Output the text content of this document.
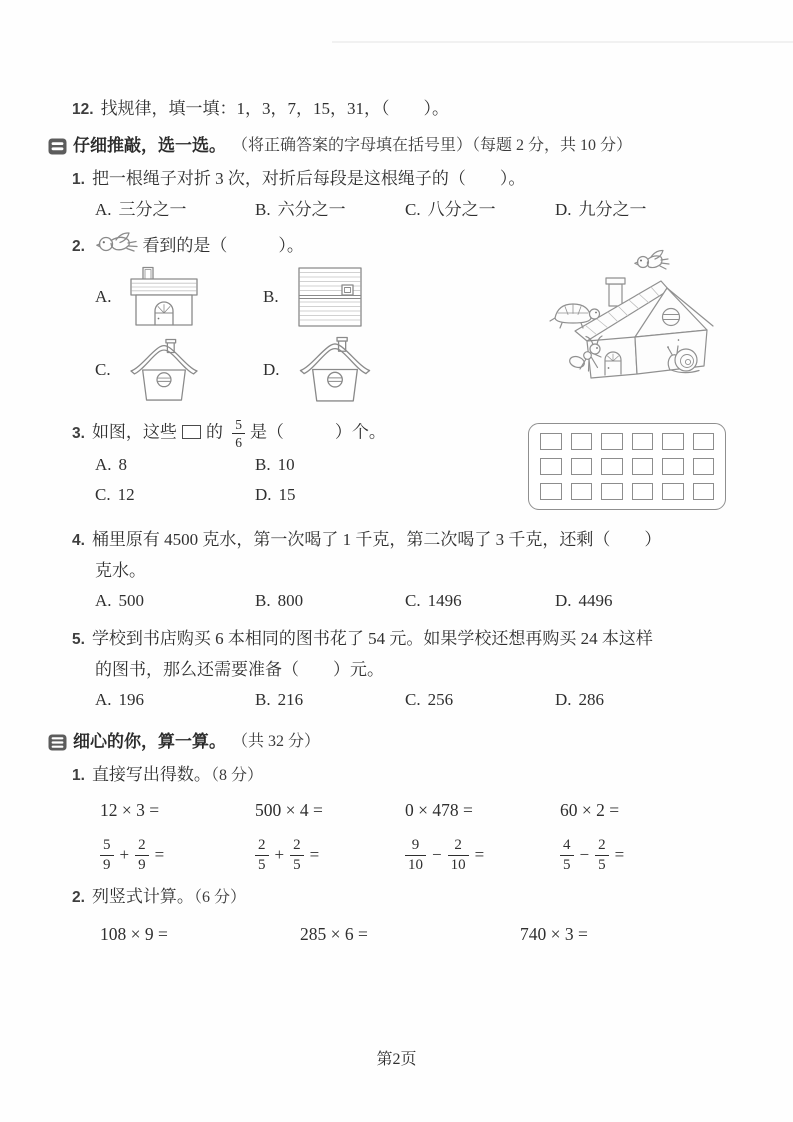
12. 找规律，填一填：1，3，7，15，31，（　　）。
仔细推敲，选一选。 （将正确答案的字母填在括号里）（每题 2 分，共 10 分）
1. 把一根绳子对折 3 次，对折后每段是这根绳子的（　　）。
A. 三分之一	B. 六分之一	C. 八分之一	D. 九分之一
2.	看到的是（　　　）。
A.	B.
C.	D.
3. 如图，这些 的 $\frac{5}{6}$ 是（　　　）个。
A. 8	B. 10
C. 12	D. 15
4. 桶里原有 4500 克水，第一次喝了 1 千克，第二次喝了 3 千克，还剩（　　）
克水。
A. 500	B. 800	C. 1496	D. 4496
5. 学校到书店购买 6 本相同的图书花了 54 元。如果学校还想再购买 24 本这样
的图书，那么还需要准备（　　）元。
A. 196	B. 216	C. 256	D. 286
细心的你，算一算。 （共 32 分）
1. 直接写出得数。（8 分）
12 × 3 =	500 × 4 =	0 × 478 =	60 × 2 =
$\frac{5}{9} + \frac{2}{9}$ =	$\frac{2}{5} + \frac{2}{5}$ =	$\frac{9}{10} - \frac{2}{10}$ =	$\frac{4}{5} - \frac{2}{5}$ =
2. 列竖式计算。（6 分）
108 × 9 =	285 × 6 =	740 × 3 =
第2页
